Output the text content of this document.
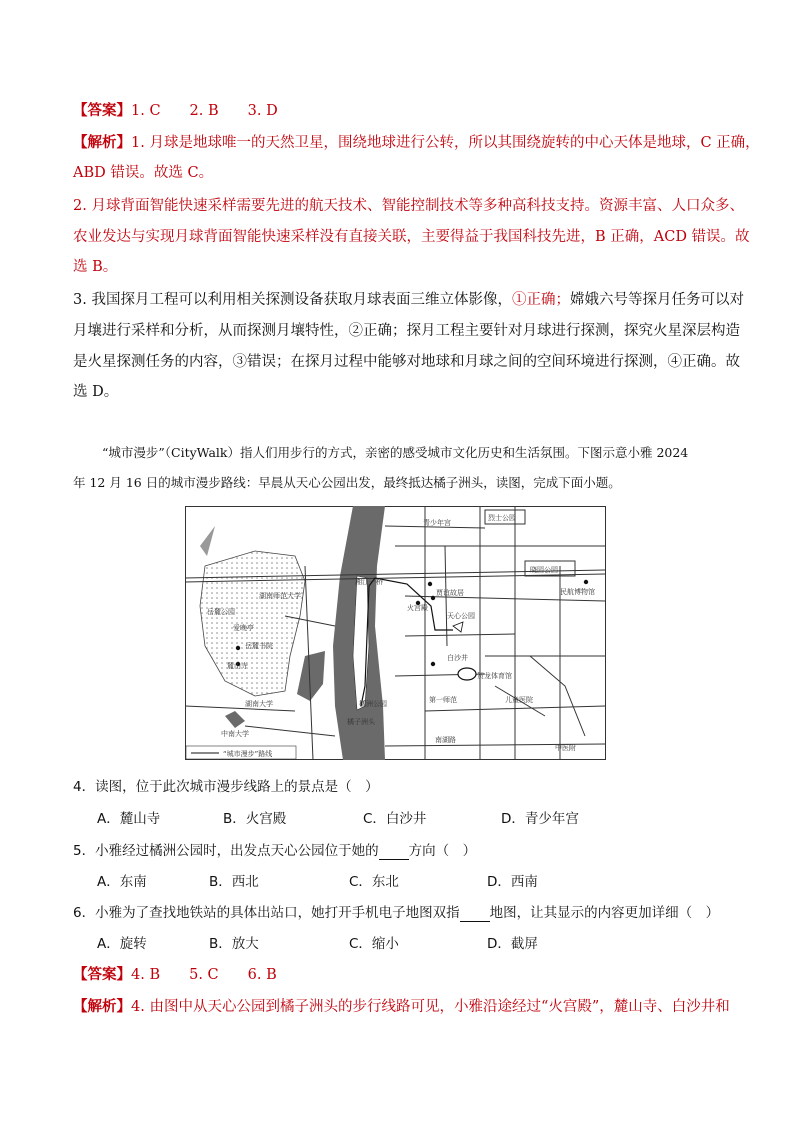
【答案】1. C　　2. B　　3. D
【解析】1. 月球是地球唯一的天然卫星，围绕地球进行公转，所以其围绕旋转的中心天体是地球，C 正确，
ABD 错误。故选 C。
2. 月球背面智能快速采样需要先进的航天技术、智能控制技术等多种高科技支持。资源丰富、人口众多、
农业发达与实现月球背面智能快速采样没有直接关联，主要得益于我国科技先进，B 正确，ACD 错误。故
选 B。
3. 我国探月工程可以利用相关探测设备获取月球表面三维立体影像，①正确；嫦娥六号等探月任务可以对
月壤进行采样和分析，从而探测月壤特性，②正确；探月工程主要针对月球进行探测，探究火星深层构造
是火星探测任务的内容，③错误；在探月过程中能够对地球和月球之间的空间环境进行探测，④正确。故
选 D。
“城市漫步”（CityWalk）指人们用步行的方式，亲密的感受城市文化历史和生活氛围。下图示意小雅 2024
年 12 月 16 日的城市漫步路线：早晨从天心公园出发，最终抵达橘子洲头，读图，完成下面小题。
青少年宫
烈士公园
湘江一桥
晓园公园
民航博物馆
湖南师范大学
岳麓公园
爱晚亭
岳麓书院
麓山寺
湖南大学
中南大学
橘洲公园
橘子洲头
贾谊故居
火宫殿
天心公园
白沙井
贺龙体育馆
第一师范	儿童医院
中医附
南湖路
“城市漫步”路线
4．读图，位于此次城市漫步线路上的景点是（　）
A．麓山寺	B．火宫殿	C．白沙井	D．青少年宫
5．小雅经过橘洲公园时，出发点天心公园位于她的 方向（　）
A．东南	B．西北	C．东北	D．西南
6．小雅为了查找地铁站的具体出站口，她打开手机电子地图双指 地图，让其显示的内容更加详细（　）
A．旋转	B．放大	C．缩小	D．截屏
【答案】4. B　　5. C　　6. B
【解析】4. 由图中从天心公园到橘子洲头的步行线路可见，小雅沿途经过“火宫殿”，麓山寺、白沙井和
